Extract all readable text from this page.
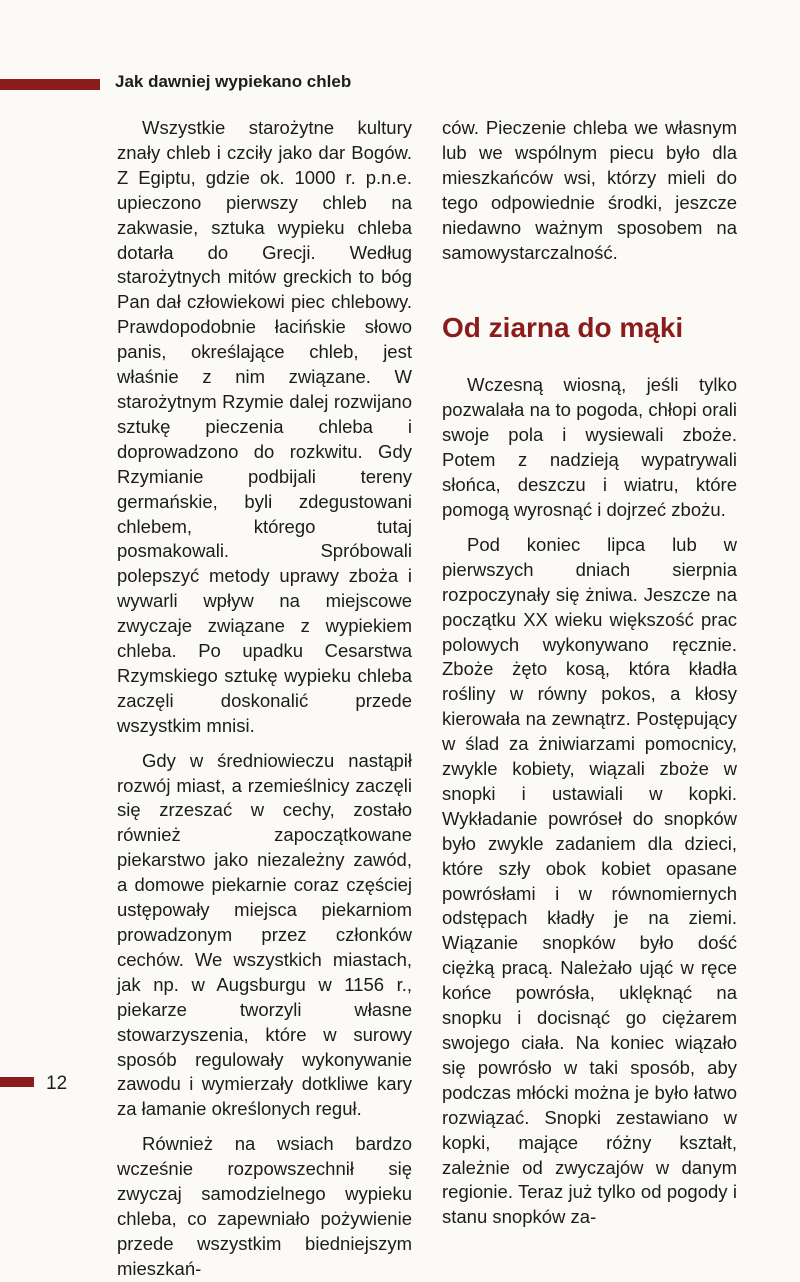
Jak dawniej wypiekano chleb

Wszystkie starożytne kultury znały chleb i czciły jako dar Bogów. Z Egiptu, gdzie ok. 1000 r. p.n.e. upieczono pierwszy chleb na zakwasie, sztuka wypieku chleba dotarła do Grecji. Według starożytnych mitów greckich to bóg Pan dał człowiekowi piec chlebowy. Prawdopodobnie łacińskie słowo panis, określające chleb, jest właśnie z nim związane. W starożytnym Rzymie dalej rozwijano sztukę pieczenia chleba i doprowadzono do rozkwitu. Gdy Rzymianie podbijali tereny germańskie, byli zdegustowani chlebem, którego tutaj posmakowali. Spróbowali polepszyć metody uprawy zboża i wywarli wpływ na miejscowe zwyczaje związane z wypiekiem chleba. Po upadku Cesarstwa Rzymskiego sztukę wypieku chleba zaczęli doskonalić przede wszystkim mnisi.

Gdy w średniowieczu nastąpił rozwój miast, a rzemieślnicy zaczęli się zrzeszać w cechy, zostało również zapoczątkowane piekarstwo jako niezależny zawód, a domowe piekarnie coraz częściej ustępowały miejsca piekarniom prowadzonym przez członków cechów. We wszystkich miastach, jak np. w Augsburgu w 1156 r., piekarze tworzyli własne stowarzyszenia, które w surowy sposób regulowały wykonywanie zawodu i wymierzały dotkliwe kary za łamanie określonych reguł.

Również na wsiach bardzo wcześnie rozpowszechnił się zwyczaj samodzielnego wypieku chleba, co zapewniało pożywienie przede wszystkim biedniejszym mieszkań-

ców. Pieczenie chleba we własnym lub we wspólnym piecu było dla mieszkańców wsi, którzy mieli do tego odpowiednie środki, jeszcze niedawno ważnym sposobem na samowystarczalność.

Od ziarna do mąki

Wczesną wiosną, jeśli tylko pozwalała na to pogoda, chłopi orali swoje pola i wysiewali zboże. Potem z nadzieją wypatrywali słońca, deszczu i wiatru, które pomogą wyrosnąć i dojrzeć zbożu.

Pod koniec lipca lub w pierwszych dniach sierpnia rozpoczynały się żniwa. Jeszcze na początku XX wieku większość prac polowych wykonywano ręcznie. Zboże żęto kosą, która kładła rośliny w równy pokos, a kłosy kierowała na zewnątrz. Postępujący w ślad za żniwiarzami pomocnicy, zwykle kobiety, wiązali zboże w snopki i ustawiali w kopki. Wykładanie powróseł do snopków było zwykle zadaniem dla dzieci, które szły obok kobiet opasane powrósłami i w równomiernych odstępach kładły je na ziemi. Wiązanie snopków było dość ciężką pracą. Należało ująć w ręce końce powrósła, uklęknąć na snopku i docisnąć go ciężarem swojego ciała. Na koniec wiązało się powrósło w taki sposób, aby podczas młócki można je było łatwo rozwiązać. Snopki zestawiano w kopki, mające różny kształt, zależnie od zwyczajów w danym regionie. Teraz już tylko od pogody i stanu snopków za-

12
